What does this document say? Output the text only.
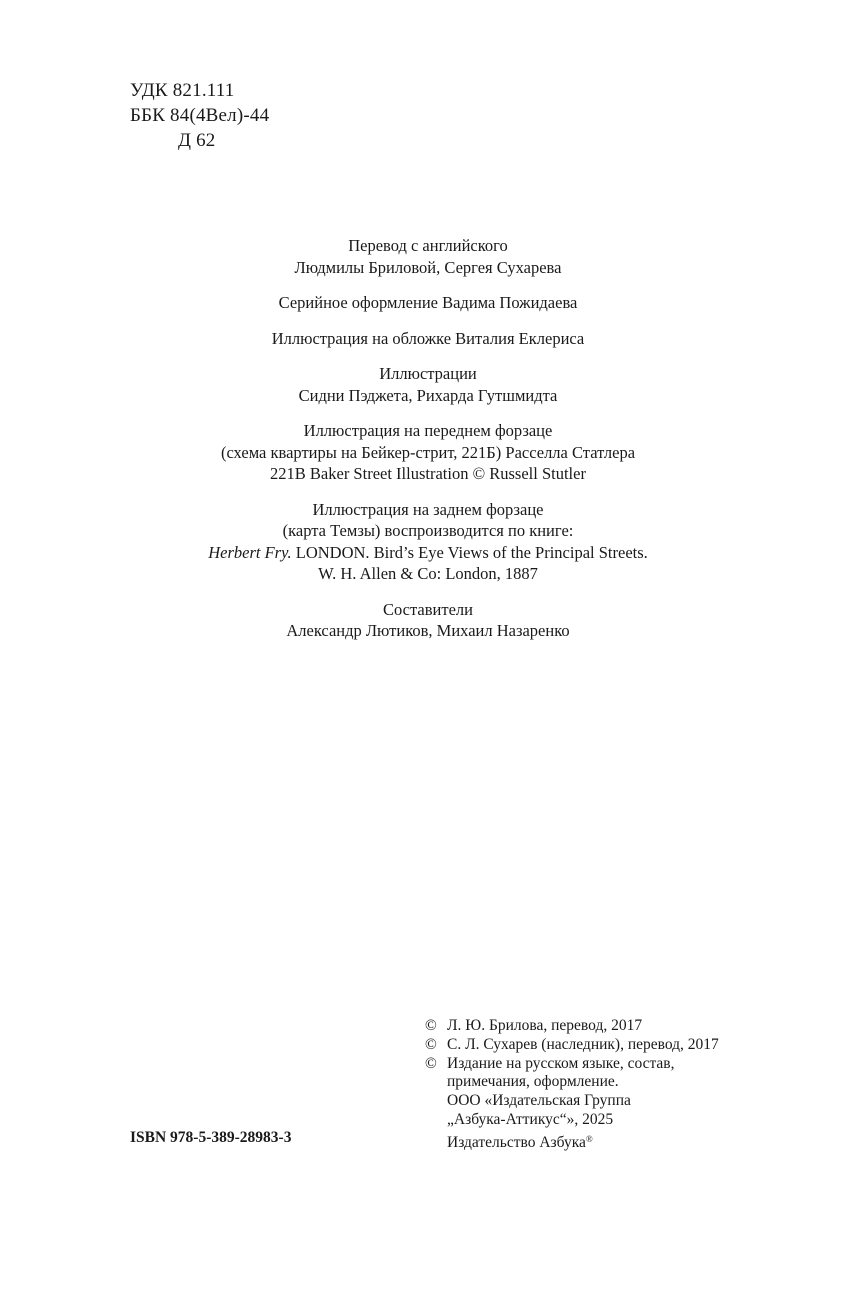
УДК 821.111
ББК 84(4Вел)-44
Д 62
Перевод с английского
Людмилы Бриловой, Сергея Сухарева
Серийное оформление Вадима Пожидаева
Иллюстрация на обложке Виталия Еклериса
Иллюстрации
Сидни Пэджета, Рихарда Гутшмидта
Иллюстрация на переднем форзаце
(схема квартиры на Бейкер-стрит, 221Б) Расселла Статлера
221B Baker Street Illustration © Russell Stutler
Иллюстрация на заднем форзаце
(карта Темзы) воспроизводится по книге:
Herbert Fry. LONDON. Bird’s Eye Views of the Principal Streets.
W. H. Allen & Co: London, 1887
Составители
Александр Лютиков, Михаил Назаренко
© Л. Ю. Брилова, перевод, 2017
© С. Л. Сухарев (наследник), перевод, 2017
© Издание на русском языке, состав,
примечания, оформление.
ООО «Издательская Группа
„Азбука-Аттикус“», 2025
Издательство Азбука®
ISBN 978-5-389-28983-3
